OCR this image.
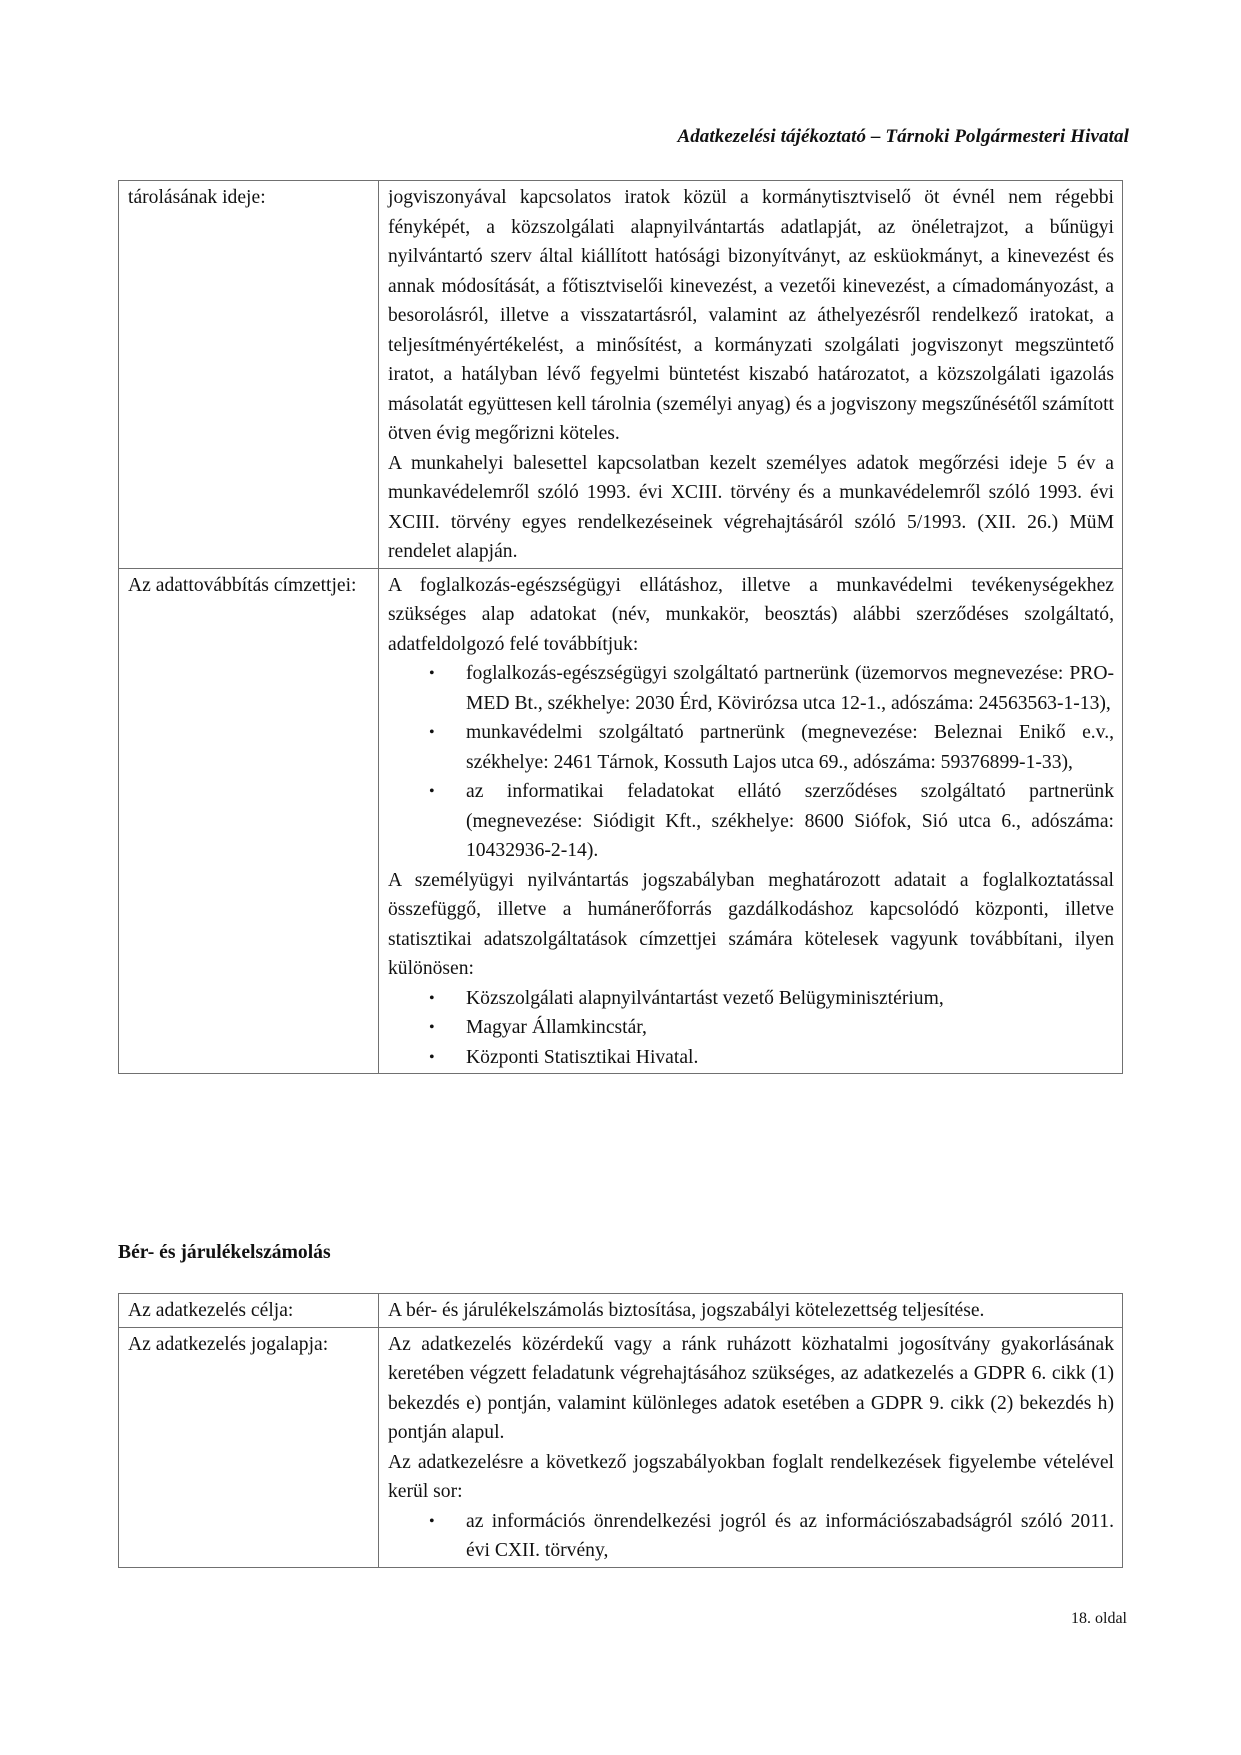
Adatkezelési tájékoztató – Tárnoki Polgármesteri Hivatal
tárolásának ideje:	jogviszonyával kapcsolatos iratok közül a kormánytisztviselő öt évnél nem régebbi fényképét, a közszolgálati alapnyilvántartás adatlapját, az önéletrajzot, a bűnügyi nyilvántartó szerv által kiállított hatósági bizonyítványt, az esküokmányt, a kinevezést és annak módosítását, a főtisztviselői kinevezést, a vezetői kinevezést, a címadományozást, a besorolásról, illetve a visszatartásról, valamint az áthelyezésről rendelkező iratokat, a teljesítményértékelést, a minősítést, a kormányzati szolgálati jogviszonyt megszüntető iratot, a hatályban lévő fegyelmi büntetést kiszabó határozatot, a közszolgálati igazolás másolatát együttesen kell tárolnia (személyi anyag) és a jogviszony megszűnésétől számított ötven évig megőrizni köteles.

A munkahelyi balesettel kapcsolatban kezelt személyes adatok megőrzési ideje 5 év a munkavédelemről szóló 1993. évi XCIII. törvény és a munkavédelemről szóló 1993. évi XCIII. törvény egyes rendelkezéseinek végrehajtásáról szóló 5/1993. (XII. 26.) MüM rendelet alapján.

Az adattovábbítás címzettjei:	A foglalkozás-egészségügyi ellátáshoz, illetve a munkavédelmi tevékenységekhez szükséges alap adatokat (név, munkakör, beosztás) alábbi szerződéses szolgáltató, adatfeldolgozó felé továbbítjuk:

• foglalkozás-egészségügyi szolgáltató partnerünk (üzemorvos megnevezése: PRO-MED Bt., székhelye: 2030 Érd, Kövirózsa utca 12-1., adószáma: 24563563-1-13),
• munkavédelmi szolgáltató partnerünk (megnevezése: Beleznai Enikő e.v., székhelye: 2461 Tárnok, Kossuth Lajos utca 69., adószáma: 59376899-1-33),
• az informatikai feladatokat ellátó szerződéses szolgáltató partnerünk (megnevezése: Siódigit Kft., székhelye: 8600 Siófok, Sió utca 6., adószáma: 10432936-2-14).

A személyügyi nyilvántartás jogszabályban meghatározott adatait a foglalkoztatással összefüggő, illetve a humánerőforrás gazdálkodáshoz kapcsolódó központi, illetve statisztikai adatszolgáltatások címzettjei számára kötelesek vagyunk továbbítani, ilyen különösen:

• Közszolgálati alapnyilvántartást vezető Belügyminisztérium,
• Magyar Államkincstár,
• Központi Statisztikai Hivatal.
Bér- és járulékelszámolás
Az adatkezelés célja:	A bér- és járulékelszámolás biztosítása, jogszabályi kötelezettség teljesítése.
Az adatkezelés jogalapja:	Az adatkezelés közérdekű vagy a ránk ruházott közhatalmi jogosítvány gyakorlásának keretében végzett feladatunk végrehajtásához szükséges, az adatkezelés a GDPR 6. cikk (1) bekezdés e) pontján, valamint különleges adatok esetében a GDPR 9. cikk (2) bekezdés h) pontján alapul.

Az adatkezelésre a következő jogszabályokban foglalt rendelkezések figyelembe vételével kerül sor:

• az információs önrendelkezési jogról és az információszabadságról szóló 2011. évi CXII. törvény,
18. oldal
